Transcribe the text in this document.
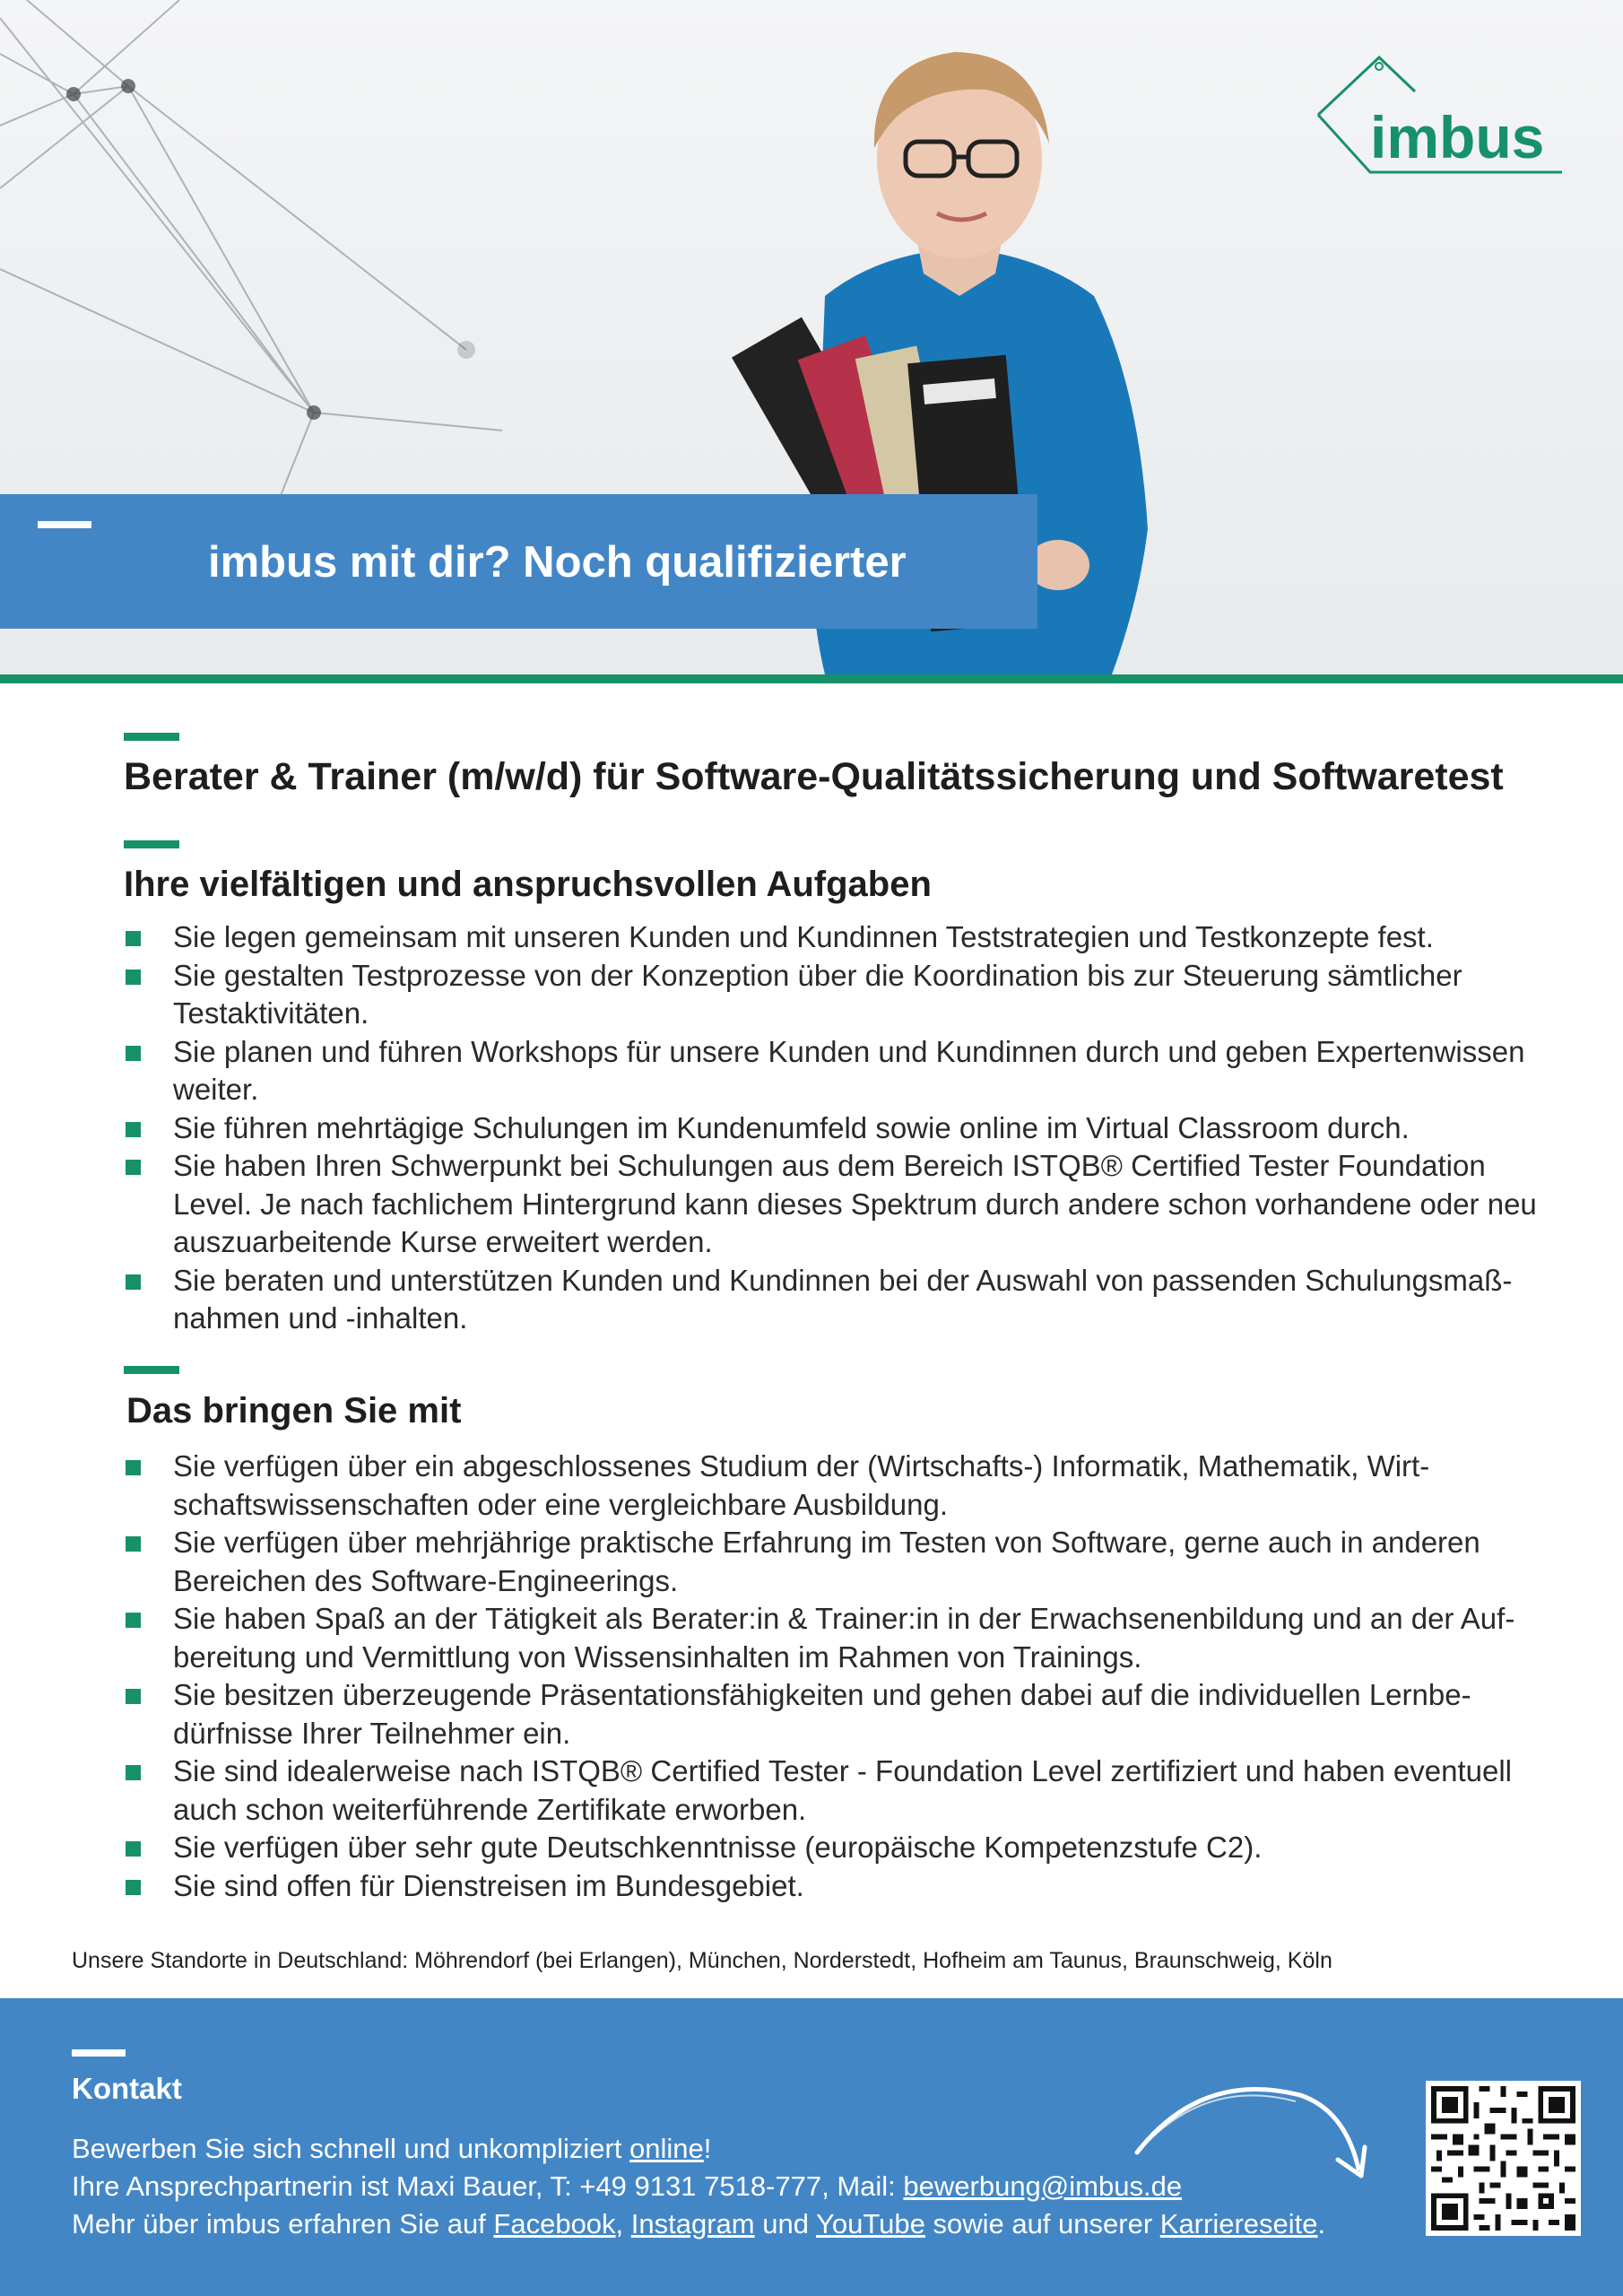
imbus
imbus mit dir? Noch qualifizierter
Berater & Trainer (m/w/d) für Software-Qualitätssicherung und Softwaretest
Ihre vielfältigen und anspruchsvollen Aufgaben
Sie legen gemeinsam mit unseren Kunden und Kundinnen Teststrategien und Testkonzepte fest.
Sie gestalten Testprozesse von der Konzeption über die Koordination bis zur Steuerung sämtlicher Testaktivitäten.
Sie planen und führen Workshops für unsere Kunden und Kundinnen durch und geben Expertenwissen weiter.
Sie führen mehrtägige Schulungen im Kundenumfeld sowie online im Virtual Classroom durch.
Sie haben Ihren Schwerpunkt bei Schulungen aus dem Bereich ISTQB® Certified Tester Foundation Level. Je nach fachlichem Hintergrund kann dieses Spektrum durch andere schon vorhandene oder neu auszuarbeitende Kurse erweitert werden.
Sie beraten und unterstützen Kunden und Kundinnen bei der Auswahl von passenden Schulungsmaßnahmen und -inhalten.
Das bringen Sie mit
Sie verfügen über ein abgeschlossenes Studium der (Wirtschafts-) Informatik, Mathematik, Wirtschaftswissenschaften oder eine vergleichbare Ausbildung.
Sie verfügen über mehrjährige praktische Erfahrung im Testen von Software, gerne auch in anderen Bereichen des Software-Engineerings.
Sie haben Spaß an der Tätigkeit als Berater:in & Trainer:in in der Erwachsenenbildung und an der Aufbereitung und Vermittlung von Wissensinhalten im Rahmen von Trainings.
Sie besitzen überzeugende Präsentationsfähigkeiten und gehen dabei auf die individuellen Lernbedürfnisse Ihrer Teilnehmer ein.
Sie sind idealerweise nach ISTQB® Certified Tester - Foundation Level zertifiziert und haben eventuell auch schon weiterführende Zertifikate erworben.
Sie verfügen über sehr gute Deutschkenntnisse (europäische Kompetenzstufe C2).
Sie sind offen für Dienstreisen im Bundesgebiet.
Unsere Standorte in Deutschland: Möhrendorf (bei Erlangen), München, Norderstedt, Hofheim am Taunus, Braunschweig, Köln
Kontakt
Bewerben Sie sich schnell und unkompliziert online!
Ihre Ansprechpartnerin ist Maxi Bauer, T: +49 9131 7518-777, Mail: bewerbung@imbus.de
Mehr über imbus erfahren Sie auf Facebook, Instagram und YouTube sowie auf unserer Karriereseite.
